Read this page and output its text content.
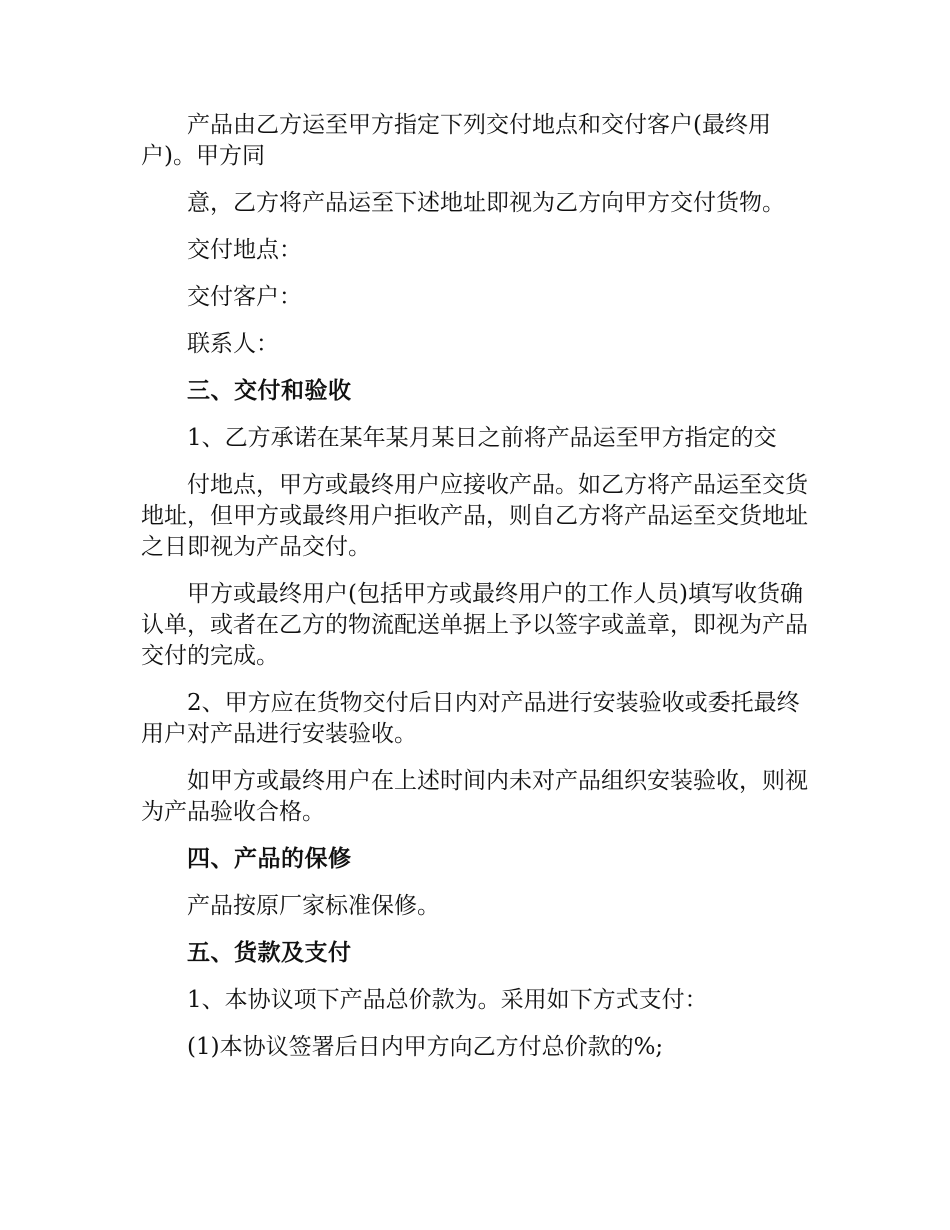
产品由乙方运至甲方指定下列交付地点和交付客户(最终用户)。甲方同

意，乙方将产品运至下述地址即视为乙方向甲方交付货物。

交付地点：

交付客户：

联系人：

三、交付和验收

1、乙方承诺在某年某月某日之前将产品运至甲方指定的交

付地点，甲方或最终用户应接收产品。如乙方将产品运至交货地址，但甲方或最终用户拒收产品，则自乙方将产品运至交货地址之日即视为产品交付。

甲方或最终用户(包括甲方或最终用户的工作人员)填写收货确认单，或者在乙方的物流配送单据上予以签字或盖章，即视为产品交付的完成。

2、甲方应在货物交付后日内对产品进行安装验收或委托最终用户对产品进行安装验收。

如甲方或最终用户在上述时间内未对产品组织安装验收，则视为产品验收合格。

四、产品的保修

产品按原厂家标准保修。

五、货款及支付

1、本协议项下产品总价款为。采用如下方式支付：

(1)本协议签署后日内甲方向乙方付总价款的%;
